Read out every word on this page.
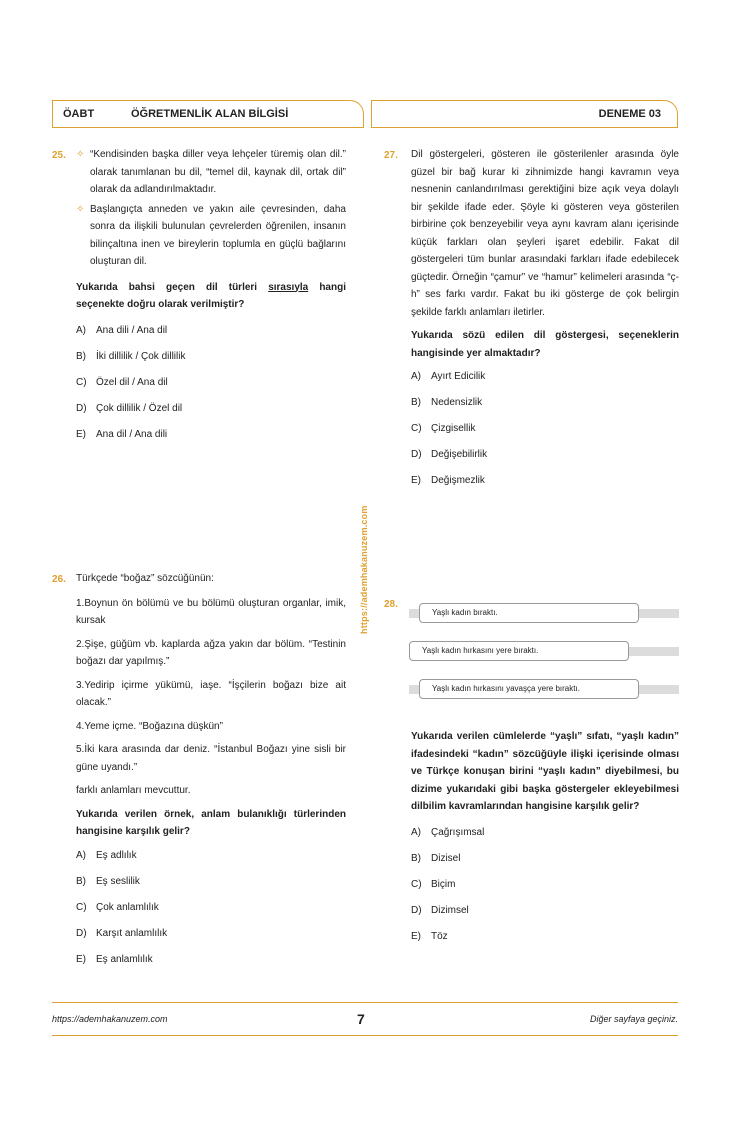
ÖABT	ÖĞRETMENLİK ALAN BİLGİSİ	DENEME 03
25. ✧ “Kendisinden başka diller veya lehçeler türemiş olan dil.” olarak tanımlanan bu dil, “temel dil, kaynak dil, ortak dil” olarak da adlandırılmaktadır.
✧ Başlangıçta anneden ve yakın aile çevresinden, daha sonra da ilişkili bulunulan çevrelerden öğrenilen, insanın bilinçaltına inen ve bireylerin toplumla en güçlü bağlarını oluşturan dil.
Yukarıda bahsi geçen dil türleri sırasıyla hangi seçenekte doğru olarak verilmiştir?
A) Ana dili / Ana dil
B) İki dillilik / Çok dillilik
C) Özel dil / Ana dil
D) Çok dillilik / Özel dil
E) Ana dil / Ana dili
26. Türkçede “boğaz” sözcüğünün:
1.Boynun ön bölümü ve bu bölümü oluşturan organlar, imik, kursak
2.Şişe, güğüm vb. kaplarda ağza yakın dar bölüm. “Testinin boğazı dar yapılmış.”
3.Yedirip içirme yükümü, iaşe. “İşçilerin boğazı bize ait olacak.”
4.Yeme içme. “Boğazına düşkün”
5.İki kara arasında dar deniz. “İstanbul Boğazı yine sisli bir güne uyandı.”
farklı anlamları mevcuttur.
Yukarıda verilen örnek, anlam bulanıklığı türlerinden hangisine karşılık gelir?
A) Eş adlılık
B) Eş seslilik
C) Çok anlamlılık
D) Karşıt anlamlılık
E) Eş anlamlılık
https://ademhakanuzem.com
27. Dil göstergeleri, gösteren ile gösterilenler arasında öyle güzel bir bağ kurar ki zihnimizde hangi kavramın veya nesnenin canlandırılması gerektiğini bize açık veya dolaylı bir şekilde ifade eder. Şöyle ki gösteren veya gösterilen birbirine çok benzeyebilir veya aynı kavram alanı içerisinde küçük farkları olan şeyleri işaret edebilir. Fakat dil göstergeleri tüm bunlar arasındaki farkları ifade edebilecek güçtedir. Örneğin “çamur” ve “hamur” kelimeleri arasında “ç-h” ses farkı vardır. Fakat bu iki gösterge de çok belirgin şekilde farklı anlamları iletirler.
Yukarıda sözü edilen dil göstergesi, seçeneklerin hangisinde yer almaktadır?
A) Ayırt Edicilik
B) Nedensizlik
C) Çizgisellik
D) Değişebilirlik
E) Değişmezlik
28.
Yaşlı kadın bıraktı.
Yaşlı kadın hırkasını yere bıraktı.
Yaşlı kadın hırkasını yavaşça yere bıraktı.
Yukarıda verilen cümlelerde “yaşlı” sıfatı, “yaşlı kadın” ifadesindeki “kadın” sözcüğüyle ilişki içerisinde olması ve Türkçe konuşan birini “yaşlı kadın” diyebilmesi, bu dizime yukarıdaki gibi başka göstergeler ekleyebilmesi dilbilim kavramlarından hangisine karşılık gelir?
A) Çağrışımsal
B) Dizisel
C) Biçim
D) Dizimsel
E) Töz
https://ademhakanuzem.com	7	Diğer sayfaya geçiniz.
